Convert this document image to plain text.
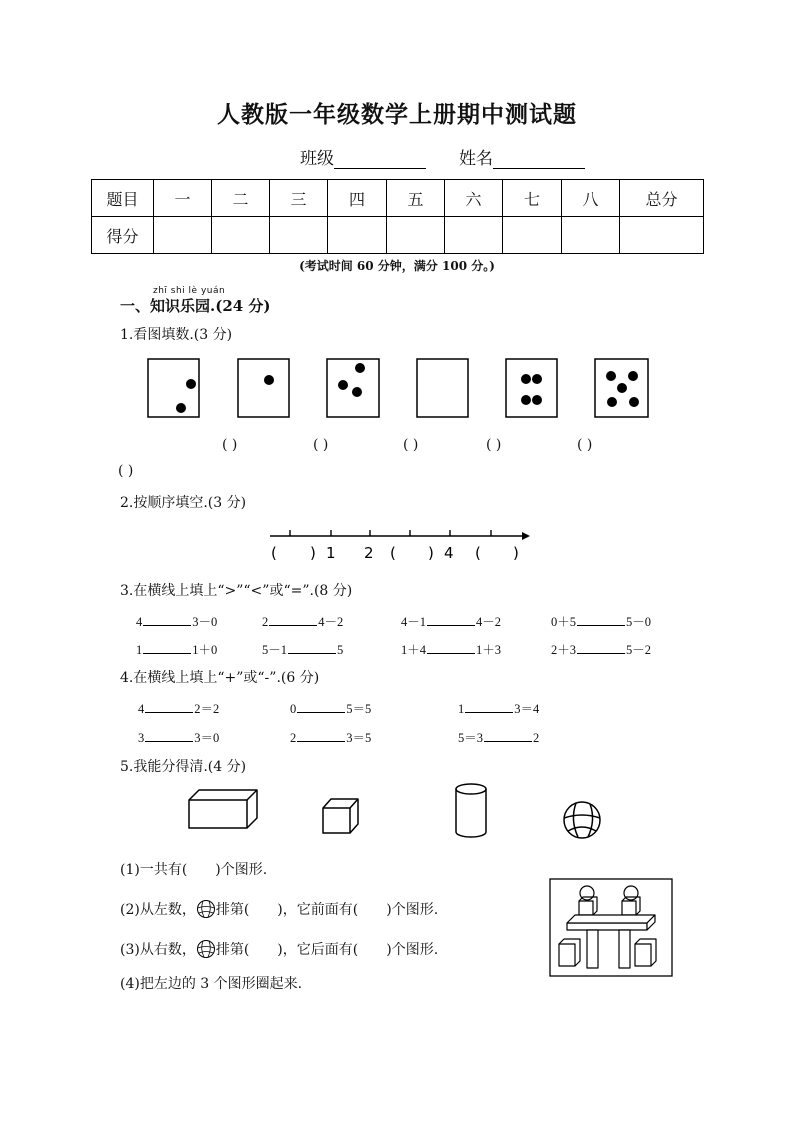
人教版一年级数学上册期中测试题
班级	姓名
题目	一	二	三	四	五	六	七	八	总分
得分									
(考试时间 60 分钟，满分 100 分。)
zhī shi lè yuán
一、知识乐园.(24 分)
1.看图填数.(3 分)
( )	( )	( )	( )	( )
( )
2.按顺序填空.(3 分)
( ) 1 2 ( ) 4 ( )
3.在横线上填上“>”“<”或“=”.(8 分)
4	3－0	2	4－2	4－1	4－2	0＋5	5－0
1	1＋0	5－1	5	1＋4	1＋3	2＋3	5－2
4.在横线上填上“+”或“-”.(6 分)
4	2＝2	0	5＝5	1	3＝4
3	3＝0	2	3＝5	5＝3	2
5.我能分得清.(4 分)
(1)一共有(　　)个图形.
(2)从左数， 排第(　　)，它前面有(　　)个图形.
(3)从右数， 排第(　　)，它后面有(　　)个图形.
(4)把左边的 3 个图形圈起来.
